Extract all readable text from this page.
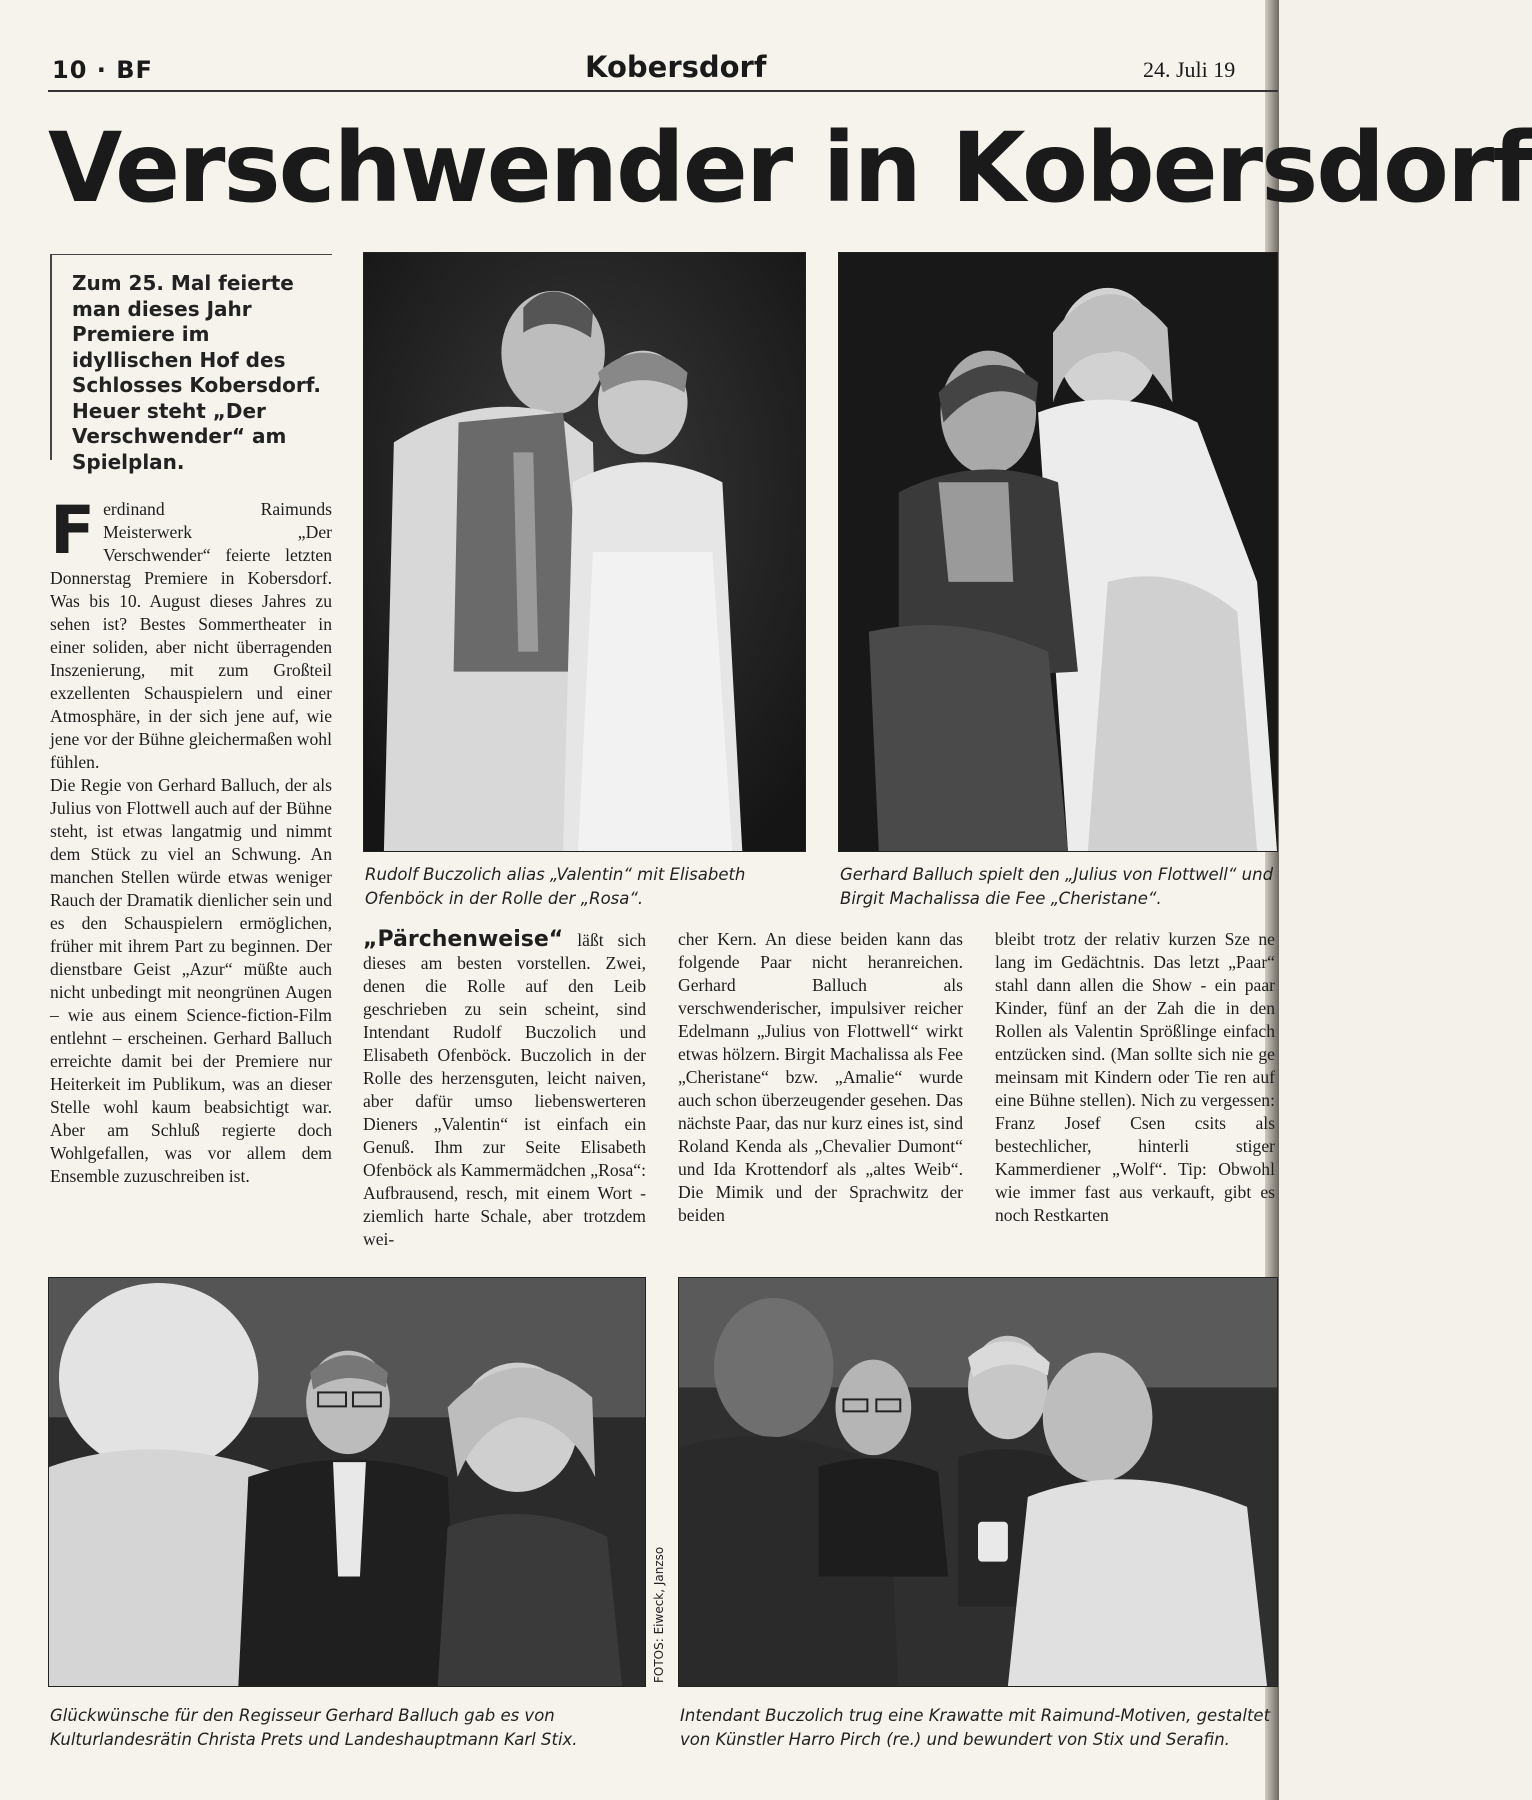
10 · BF	Kobersdorf	24. Juli 19
Verschwender in Kobersdorf

Zum 25. Mal feierte man dieses Jahr Premiere im idyllischen Hof des Schlosses Kobersdorf. Heuer steht „Der Verschwender“ am Spielplan.

Ferdinand Raimunds Meisterwerk „Der Verschwender“ feierte letzten Donnerstag Premiere in Kobersdorf. Was bis 10. August dieses Jahres zu sehen ist? Bestes Sommertheater in einer soliden, aber nicht überragenden Inszenierung, mit zum Großteil exzellenten Schauspielern und einer Atmosphäre, in der sich jene auf, wie jene vor der Bühne gleichermaßen wohl fühlen.
Die Regie von Gerhard Balluch, der als Julius von Flottwell auch auf der Bühne steht, ist etwas langatmig und nimmt dem Stück zu viel an Schwung. An manchen Stellen würde etwas weniger Rauch der Dramatik dienlicher sein und es den Schauspielern ermöglichen, früher mit ihrem Part zu beginnen. Der dienstbare Geist „Azur“ müßte auch nicht unbedingt mit neongrünen Augen – wie aus einem Science-fiction-Film entlehnt – erscheinen. Gerhard Balluch erreichte damit bei der Premiere nur Heiterkeit im Publikum, was an dieser Stelle wohl kaum beabsichtigt war. Aber am Schluß regierte doch Wohlgefallen, was vor allem dem Ensemble zuzuschreiben ist.
„Pärchenweise“ läßt sich dieses am besten vorstellen. Zwei, denen die Rolle auf den Leib geschrieben zu sein scheint, sind Intendant Rudolf Buczolich und Elisabeth Ofenböck. Buczolich in der Rolle des herzensguten, leicht naiven, aber dafür umso liebenswerteren Dieners „Valentin“ ist einfach ein Genuß. Ihm zur Seite Elisabeth Ofenböck als Kammermädchen „Rosa“: Aufbrausend, resch, mit einem Wort - ziemlich harte Schale, aber trotzdem wei-
cher Kern. An diese beiden kann das folgende Paar nicht heranreichen. Gerhard Balluch als verschwenderischer, impulsiver reicher Edelmann „Julius von Flottwell“ wirkt etwas hölzern. Birgit Machalissa als Fee „Cheristane“ bzw. „Amalie“ wurde auch schon überzeugender gesehen. Das nächste Paar, das nur kurz eines ist, sind Roland Kenda als „Chevalier Dumont“ und Ida Krottendorf als „altes Weib“. Die Mimik und der Sprachwitz der beiden
bleibt trotz der relativ kurzen Sze ne lang im Gedächtnis. Das letzt „Paar“ stahl dann allen die Show - ein paar Kinder, fünf an der Zah die in den Rollen als Valentin Sprößlinge einfach entzücken sind. (Man sollte sich nie ge meinsam mit Kindern oder Tie ren auf eine Bühne stellen). Nich zu vergessen: Franz Josef Csen csits als bestechlicher, hinterli stiger Kammerdiener „Wolf“. Tip: Obwohl wie immer fast aus verkauft, gibt es noch Restkarten
FOTOS: Eiweck, Janzso
Rudolf Buczolich alias „Valentin“ mit Elisabeth Ofenböck in der Rolle der „Rosa“.
Gerhard Balluch spielt den „Julius von Flottwell“ und Birgit Machalissa die Fee „Cheristane“.
Glückwünsche für den Regisseur Gerhard Balluch gab es von Kulturlandesrätin Christa Prets und Landeshauptmann Karl Stix.
Intendant Buczolich trug eine Krawatte mit Raimund-Motiven, gestaltet von Künstler Harro Pirch (re.) und bewundert von Stix und Serafin.
